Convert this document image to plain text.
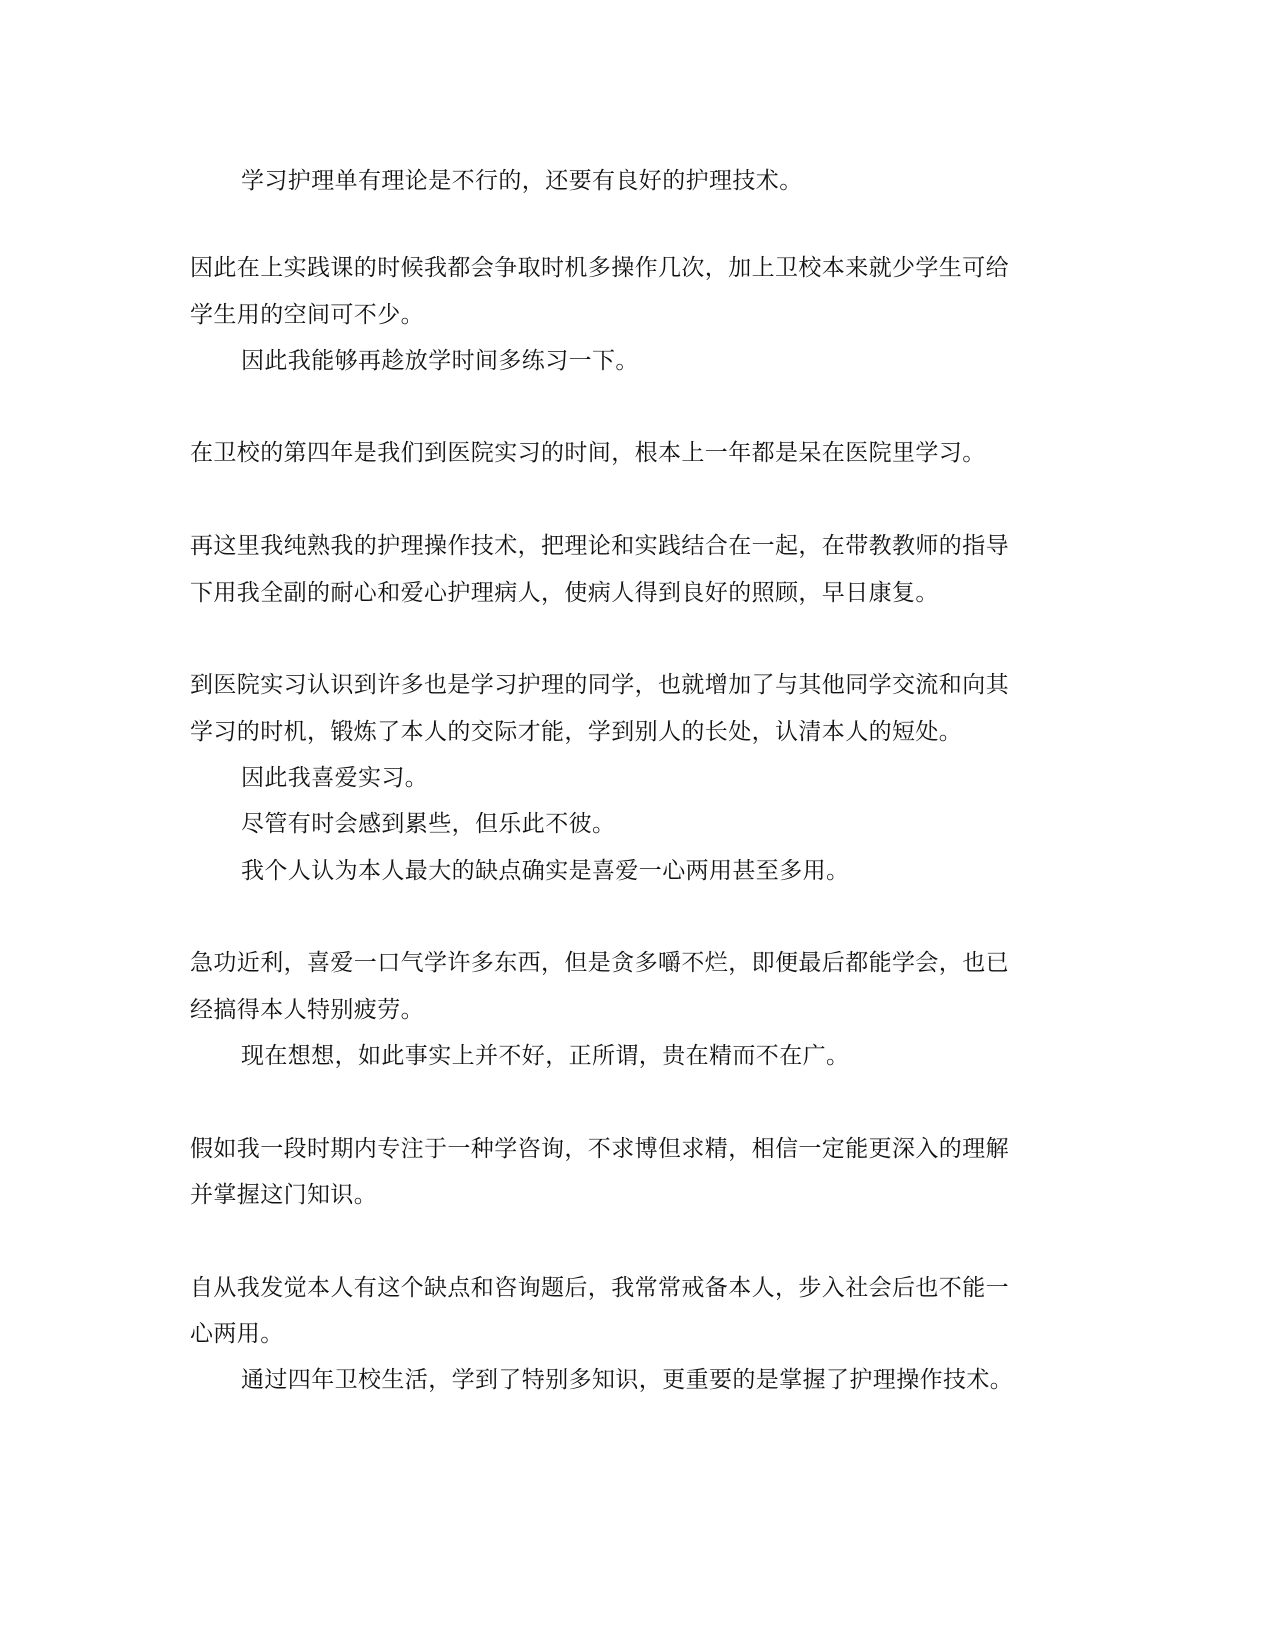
学习护理单有理论是不行的，还要有良好的护理技术。

因此在上实践课的时候我都会争取时机多操作几次，加上卫校本来就少学生可给

学生用的空间可不少。

因此我能够再趁放学时间多练习一下。

在卫校的第四年是我们到医院实习的时间，根本上一年都是呆在医院里学习。

再这里我纯熟我的护理操作技术，把理论和实践结合在一起，在带教教师的指导

下用我全副的耐心和爱心护理病人，使病人得到良好的照顾，早日康复。

到医院实习认识到许多也是学习护理的同学，也就增加了与其他同学交流和向其

学习的时机，锻炼了本人的交际才能，学到别人的长处，认清本人的短处。

因此我喜爱实习。

尽管有时会感到累些，但乐此不彼。

我个人认为本人最大的缺点确实是喜爱一心两用甚至多用。

急功近利，喜爱一口气学许多东西，但是贪多嚼不烂，即便最后都能学会，也已

经搞得本人特别疲劳。

现在想想，如此事实上并不好，正所谓，贵在精而不在广。

假如我一段时期内专注于一种学咨询，不求博但求精，相信一定能更深入的理解

并掌握这门知识。

自从我发觉本人有这个缺点和咨询题后，我常常戒备本人，步入社会后也不能一

心两用。

通过四年卫校生活，学到了特别多知识，更重要的是掌握了护理操作技术。
